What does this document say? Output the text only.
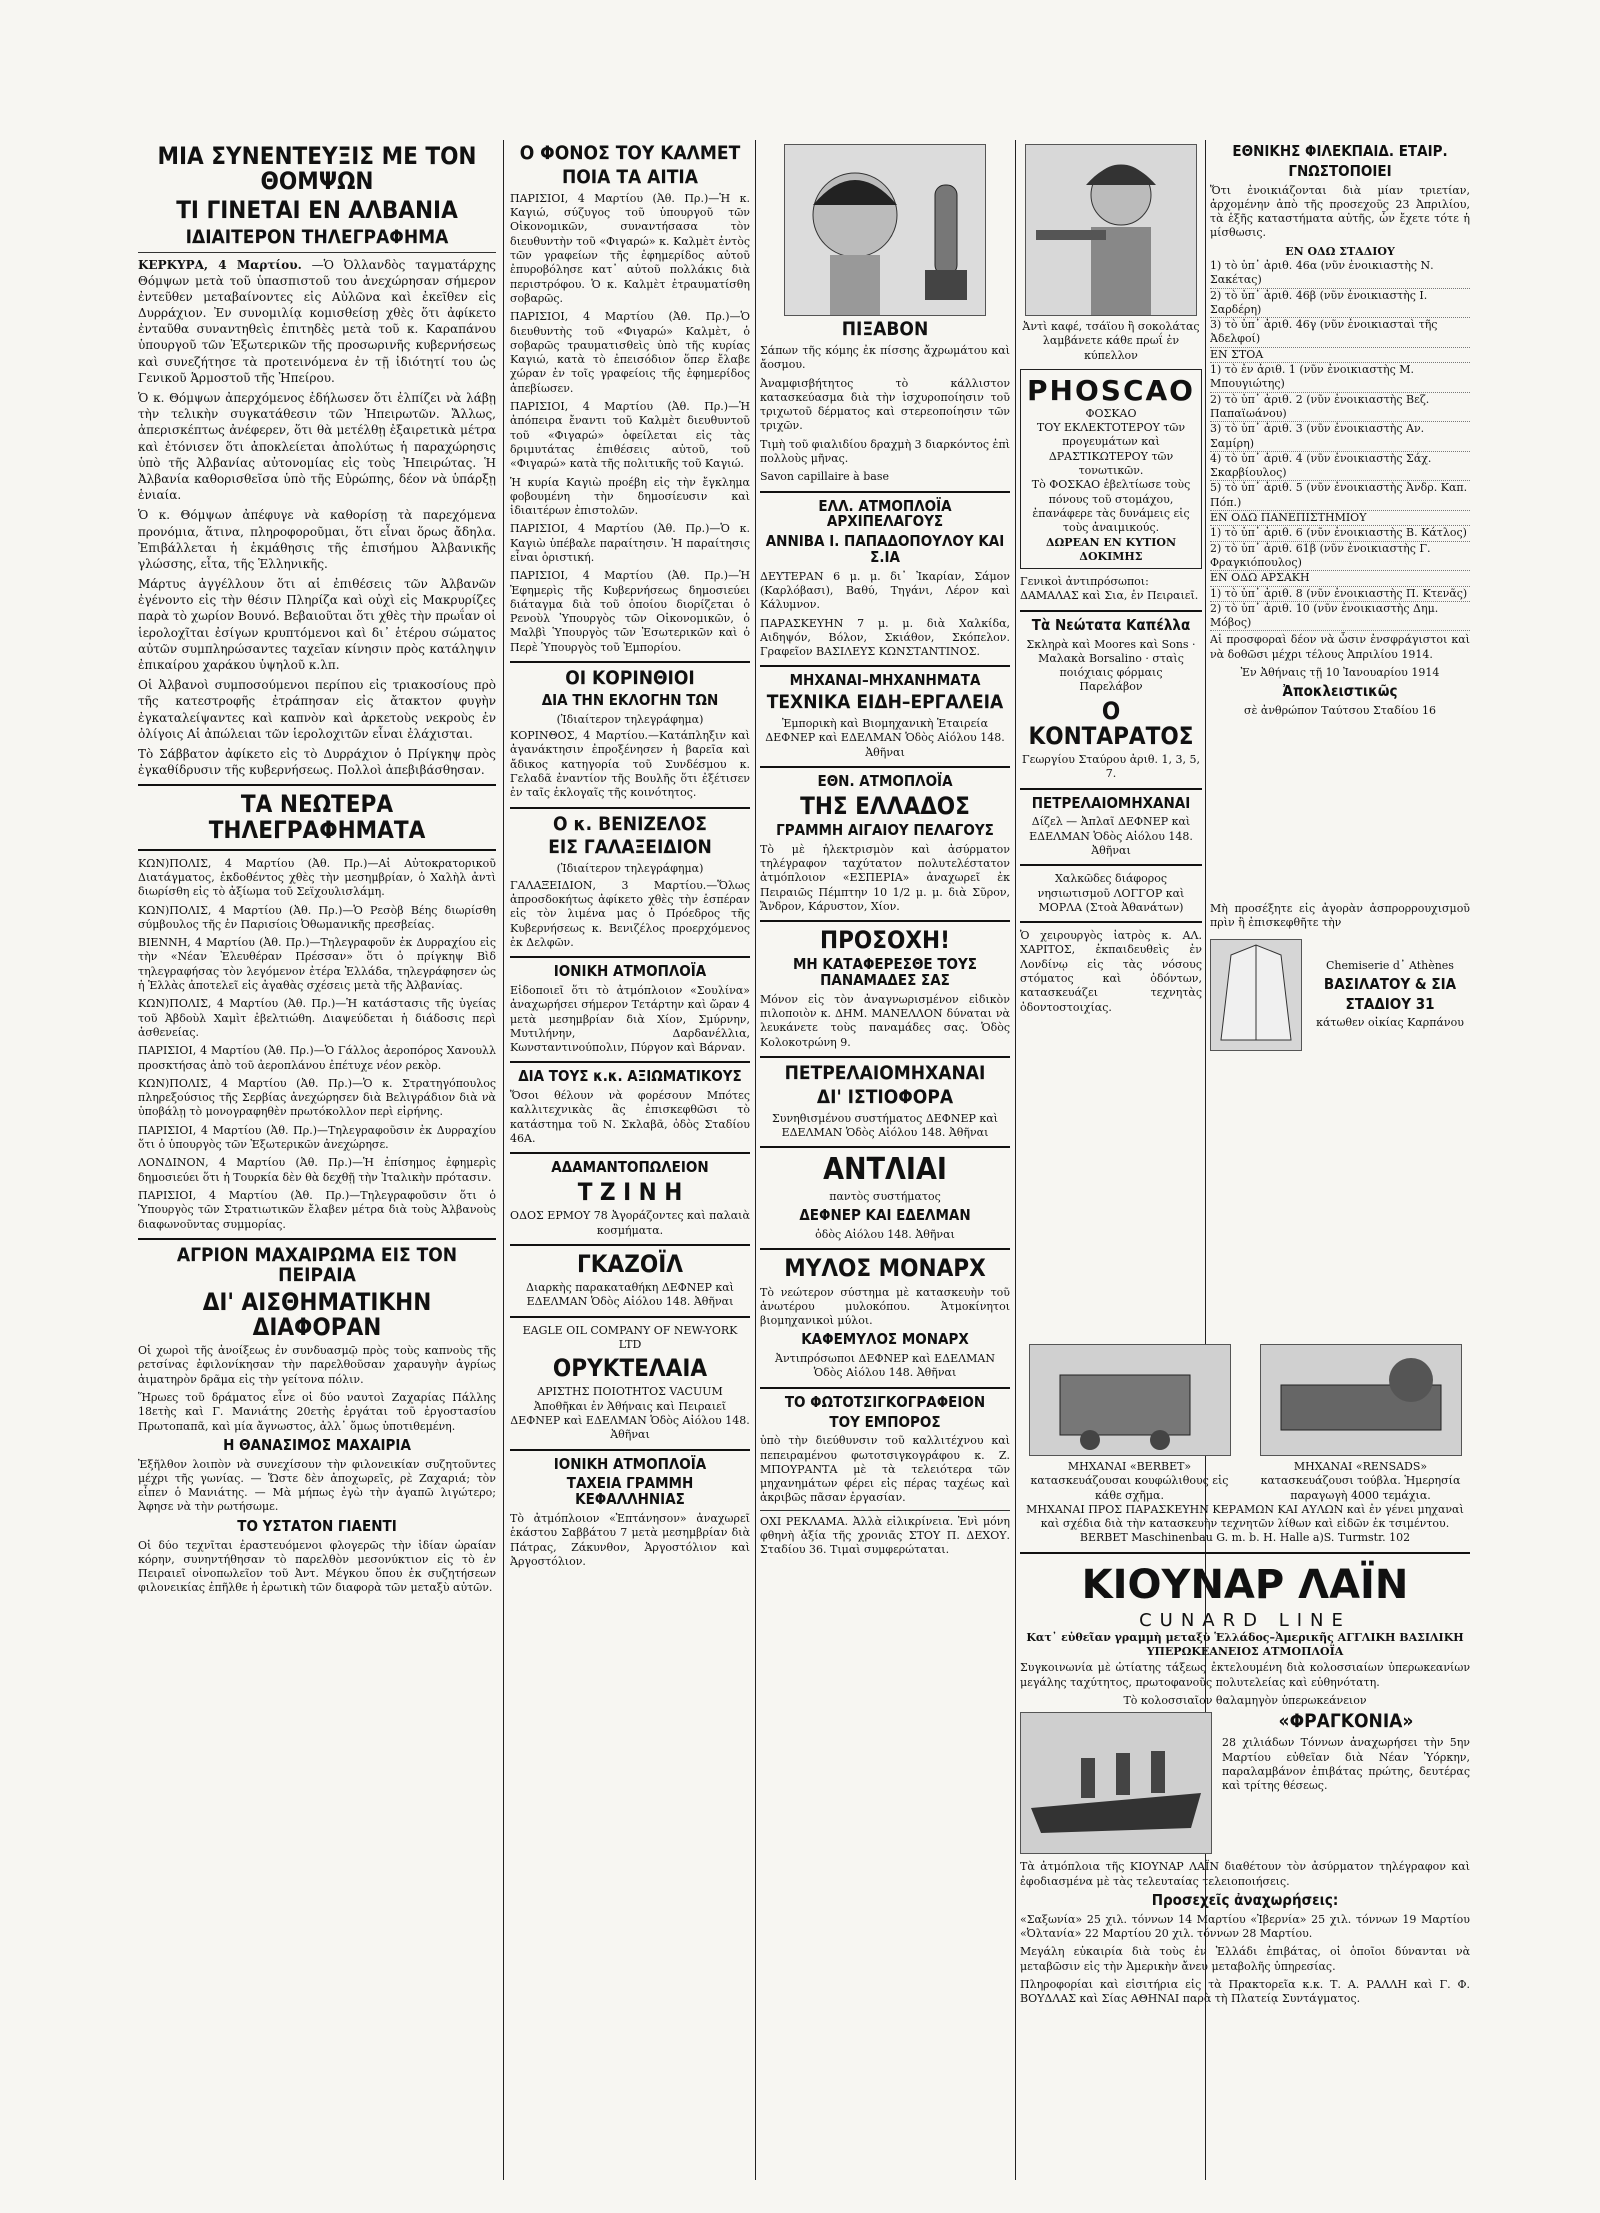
ΜΙΑ ΣΥΝΕΝΤΕΥΞΙΣ ΜΕ ΤΟΝ ΘΟΜΨΩΝ
ΤΙ ΓΙΝΕΤΑΙ ΕΝ ΑΛΒΑΝΙΑ
ΙΔΙΑΙΤΕΡΟΝ ΤΗΛΕΓΡΑΦΗΜΑ
ΚΕΡΚΥΡΑ, 4 Μαρτίου. —Ὁ Ὀλλανδὸς ταγματάρχης Θόμψων μετὰ τοῦ ὑπασπιστοῦ του ἀνεχώρησαν σήμερον ἐντεῦθεν μεταβαίνοντες εἰς Αὐλῶνα καὶ ἐκεῖθεν εἰς Δυρράχιον. Ἐν συνομιλίᾳ κομισθείσῃ χθὲς ὅτι ἀφίκετο ἐνταῦθα συναντηθεὶς ἐπιτηδὲς μετὰ τοῦ κ. Καραπάνου ὑπουργοῦ τῶν Ἐξωτερικῶν τῆς προσωρινῆς κυβερνήσεως καὶ συνεζήτησε τὰ προτεινόμενα ἐν τῇ ἰδιότητί του ὡς Γενικοῦ Ἁρμοστοῦ τῆς Ἠπείρου.
Ὁ κ. Θόμψων ἀπερχόμενος ἐδήλωσεν ὅτι ἐλπίζει νὰ λάβῃ τὴν τελικὴν συγκατάθεσιν τῶν Ἠπειρωτῶν. Ἄλλως, ἀπερισκέπτως ἀνέφερεν, ὅτι θὰ μετέλθῃ ἐξαιρετικὰ μέτρα καὶ ἐτόνισεν ὅτι ἀποκλείεται ἀπολύτως ἡ παραχώρησις ὑπὸ τῆς Ἀλβανίας αὐτονομίας εἰς τοὺς Ἠπειρώτας. Ἡ Ἀλβανία καθορισθεῖσα ὑπὸ τῆς Εὐρώπης, δέον νὰ ὑπάρξῃ ἑνιαία.
Ὁ κ. Θόμψων ἀπέφυγε νὰ καθορίσῃ τὰ παρεχόμενα προνόμια, ἅτινα, πληροφοροῦμαι, ὅτι εἶναι ὅρως ἄδηλα. Ἐπιβάλλεται ἡ ἐκμάθησις τῆς ἐπισήμου Ἀλβανικῆς γλώσσης, εἶτα, τῆς Ἑλληνικῆς.
Μάρτυς ἀγγέλλουν ὅτι αἱ ἐπιθέσεις τῶν Ἀλβανῶν ἐγένοντο εἰς τὴν θέσιν Πληρίζα καὶ οὐχὶ εἰς Μακρυρίζες παρὰ τὸ χωρίον Βουνό. Βεβαιοῦται ὅτι χθὲς τὴν πρωΐαν οἱ ἱερολοχῖται ἐσίγων κρυπτόμενοι καὶ δι᾽ ἑτέρου σώματος αὐτῶν συμπληρώσαντες ταχεῖαν κίνησιν πρὸς κατάληψιν ἐπικαίρου χαράκου ὑψηλοῦ κ.λπ.
Οἱ Ἀλβανοὶ συμποσούμενοι περίπου εἰς τριακοσίους πρὸ τῆς κατεστροφῆς ἐτράπησαν εἰς ἄτακτον φυγὴν ἐγκαταλείψαντες καὶ καπνὸν καὶ ἀρκετοὺς νεκροὺς ἐν ὀλίγοις Αἱ ἀπώλειαι τῶν ἱερολοχιτῶν εἶναι ἐλάχισται.
Τὸ Σάββατον ἀφίκετο εἰς τὸ Δυρράχιον ὁ Πρίγκηψ πρὸς ἐγκαθίδρυσιν τῆς κυβερνήσεως. Πολλοὶ ἀπεβιβάσθησαν.
ΤΑ ΝΕΩΤΕΡΑ ΤΗΛΕΓΡΑΦΗΜΑΤΑ
ΚΩΝ)ΠΟΛΙΣ, 4 Μαρτίου (Ἀθ. Πρ.)—Αἱ Αὐτοκρατορικοῦ Διατάγματος, ἐκδοθέντος χθὲς τὴν μεσημβρίαν, ὁ Χαλὴλ ἀντὶ διωρίσθη εἰς τὸ ἀξίωμα τοῦ Σεϊχουλισλάμη.
ΚΩΝ)ΠΟΛΙΣ, 4 Μαρτίου (Ἀθ. Πρ.)—Ὁ Ρεσὸβ Βέης διωρίσθη σύμβουλος τῆς ἐν Παρισίοις Ὀθωμανικῆς πρεσβείας.
ΒΙΕΝΝΗ, 4 Μαρτίου (Ἀθ. Πρ.)—Τηλεγραφοῦν ἐκ Δυρραχίου εἰς τὴν «Νέαν Ἐλευθέραν Πρέσσαν» ὅτι ὁ πρίγκηψ Βὶδ τηλεγραφήσας τὸν λεγόμενον ἐτέρα Ἑλλάδα, τηλεγράφησεν ὡς ἡ Ἑλλὰς ἀποτελεῖ εἰς ἀγαθὰς σχέσεις μετὰ τῆς Ἀλβανίας.
ΚΩΝ)ΠΟΛΙΣ, 4 Μαρτίου (Ἀθ. Πρ.)—Ἡ κατάστασις τῆς ὑγείας τοῦ Ἀβδοὺλ Χαμὶτ ἐβελτιώθη. Διαψεύδεται ἡ διάδοσις περὶ ἀσθενείας.
ΠΑΡΙΣΙΟΙ, 4 Μαρτίου (Ἀθ. Πρ.)—Ὁ Γάλλος ἀεροπόρος Χανουλλ προσκτήσας ἀπὸ τοῦ ἀεροπλάνου ἐπέτυχε νέον ρεκὸρ.
ΚΩΝ)ΠΟΛΙΣ, 4 Μαρτίου (Ἀθ. Πρ.)—Ὁ κ. Στρατηγόπουλος πληρεξούσιος τῆς Σερβίας ἀνεχώρησεν διὰ Βελιγράδιον διὰ νὰ ὑποβάλῃ τὸ μονογραφηθὲν πρωτόκολλον περὶ εἰρήνης.
ΠΑΡΙΣΙΟΙ, 4 Μαρτίου (Ἀθ. Πρ.)—Τηλεγραφοῦσιν ἐκ Δυρραχίου ὅτι ὁ ὑπουργὸς τῶν Ἐξωτερικῶν ἀνεχώρησε.
ΛΟΝΔΙΝΟΝ, 4 Μαρτίου (Ἀθ. Πρ.)—Ἡ ἐπίσημος ἐφημερὶς δημοσιεύει ὅτι ἡ Τουρκία δὲν θὰ δεχθῇ τὴν Ἰταλικὴν πρότασιν.
ΠΑΡΙΣΙΟΙ, 4 Μαρτίου (Ἀθ. Πρ.)—Τηλεγραφοῦσιν ὅτι ὁ Ὑπουργὸς τῶν Στρατιωτικῶν ἔλαβεν μέτρα διὰ τοὺς Ἀλβανοὺς διαφωνοῦντας συμμορίας.
ΑΓΡΙΟΝ ΜΑΧΑΙΡΩΜΑ ΕΙΣ ΤΟΝ ΠΕΙΡΑΙΑ
ΔΙ' ΑΙΣΘΗΜΑΤΙΚΗΝ ΔΙΑΦΟΡΑΝ
Οἱ χωροὶ τῆς ἀνοίξεως ἐν συνδυασμῷ πρὸς τοὺς καπνοὺς τῆς ρετσίνας ἐφιλονίκησαν τὴν παρελθοῦσαν χαραυγὴν ἀγρίως ἀιματηρὸν δρᾶμα εἰς τὴν γείτονα πόλιν.
Ἥρωες τοῦ δράματος εἶνε οἱ δύο ναυτοὶ Ζαχαρίας Πάλλης 18ετὴς καὶ Γ. Μανιάτης 20ετὴς ἐργάται τοῦ ἐργοστασίου Πρωτοπαπᾶ, καὶ μία ἄγνωστος, ἀλλ᾽ ὅμως ὑποτιθεμένη.
Η ΘΑΝΑΣΙΜΟΣ ΜΑΧΑΙΡΙΑ
Ἐξῆλθον λοιπὸν νὰ συνεχίσουν τὴν φιλονεικίαν συζητοῦντες μέχρι τῆς γωνίας. — Ὥστε δὲν ἀποχωρεῖς, ρὲ Ζαχαριά; τὸν εἶπεν ὁ Μανιάτης. — Μὰ μήπως ἐγὼ τὴν ἀγαπῶ λιγώτερο; Ἀφησε νὰ τὴν ρωτήσωμε.
ΤΟ ΥΣΤΑΤΟΝ ΓΙΑΕΝΤΙ
Οἱ δύο τεχνῖται ἐραστευόμενοι φλογερῶς τὴν ἰδίαν ὡραίαν κόρην, συνηντήθησαν τὸ παρελθὸν μεσονύκτιον εἰς τὸ ἐν Πειραιεῖ οἰνοπωλεῖον τοῦ Ἀντ. Μέγκου ὅπου ἐκ συζητήσεων φιλονεικίας ἐπῆλθε ἡ ἐρωτικὴ τῶν διαφορὰ τῶν μεταξὺ αὐτῶν.
Ο ΦΟΝΟΣ ΤΟΥ ΚΑΛΜΕΤ
ΠΟΙΑ ΤΑ ΑΙΤΙΑ
ΠΑΡΙΣΙΟΙ, 4 Μαρτίου (Ἀθ. Πρ.)—Ἡ κ. Καγιώ, σύζυγος τοῦ ὑπουργοῦ τῶν Οἰκονομικῶν, συναντήσασα τὸν διευθυντὴν τοῦ «Φιγαρώ» κ. Καλμὲτ ἐντὸς τῶν γραφείων τῆς ἐφημερίδος αὐτοῦ ἐπυροβόλησε κατ᾽ αὐτοῦ πολλάκις διὰ περιστρόφου. Ὁ κ. Καλμὲτ ἐτραυματίσθη σοβαρῶς.
ΠΑΡΙΣΙΟΙ, 4 Μαρτίου (Ἀθ. Πρ.)—Ὁ διευθυντὴς τοῦ «Φιγαρώ» Καλμὲτ, ὁ σοβαρῶς τραυματισθεὶς ὑπὸ τῆς κυρίας Καγιώ, κατὰ τὸ ἐπεισόδιον ὅπερ ἔλαβε χώραν ἐν τοῖς γραφείοις τῆς ἐφημερίδος ἀπεβίωσεν.
ΠΑΡΙΣΙΟΙ, 4 Μαρτίου (Ἀθ. Πρ.)—Ἡ ἀπόπειρα ἔναντι τοῦ Καλμὲτ διευθυντοῦ τοῦ «Φιγαρώ» ὀφείλεται εἰς τὰς δριμυτάτας ἐπιθέσεις αὐτοῦ, τοῦ «Φιγαρώ» κατὰ τῆς πολιτικῆς τοῦ Καγιώ.
Ἡ κυρία Καγιὼ προέβη εἰς τὴν ἔγκλημα φοβουμένη τὴν δημοσίευσιν καὶ ἰδιαιτέρων ἐπιστολῶν.
ΠΑΡΙΣΙΟΙ, 4 Μαρτίου (Ἀθ. Πρ.)—Ὁ κ. Καγιὼ ὑπέβαλε παραίτησιν. Ἡ παραίτησις εἶναι ὁριστική.
ΠΑΡΙΣΙΟΙ, 4 Μαρτίου (Ἀθ. Πρ.)—Ἡ Ἐφημερὶς τῆς Κυβερνήσεως δημοσιεύει διάταγμα διὰ τοῦ ὁποίου διορίζεται ὁ Ρενοὺλ Ὑπουργὸς τῶν Οἰκονομικῶν, ὁ Μαλβὶ Ὑπουργὸς τῶν Ἐσωτερικῶν καὶ ὁ Περὲ Ὑπουργὸς τοῦ Ἐμπορίου.
ΟΙ ΚΟΡΙΝΘΙΟΙ
ΔΙΑ ΤΗΝ ΕΚΛΟΓΗΝ ΤΩΝ
(Ἰδιαίτερον τηλεγράφημα)
ΚΟΡΙΝΘΟΣ, 4 Μαρτίου.—Κατάπληξιν καὶ ἀγανάκτησιν ἐπροξένησεν ἡ βαρεῖα καὶ ἄδικος κατηγορία τοῦ Συνδέσμου κ. Γελαδᾶ ἐναντίον τῆς Βουλῆς ὅτι ἐξέτισεν ἐν ταῖς ἐκλογαῖς τῆς κοινότητος.
Ο κ. ΒΕΝΙΖΕΛΟΣ
ΕΙΣ ΓΑΛΑΞΕΙΔΙΟΝ
(Ἰδιαίτερον τηλεγράφημα)
ΓΑΛΑΞΕΙΔΙΟΝ, 3 Μαρτίου.—Ὅλως ἀπροσδοκήτως ἀφίκετο χθὲς τὴν ἑσπέραν εἰς τὸν λιμένα μας ὁ Πρόεδρος τῆς Κυβερνήσεως κ. Βενιζέλος προερχόμενος ἐκ Δελφῶν.
ΙΟΝΙΚΗ ΑΤΜΟΠΛΟΪΑ
Εἰδοποιεῖ ὅτι τὸ ἀτμόπλοιον «Σουλίνα» ἀναχωρήσει σήμερον Τετάρτην καὶ ὥραν 4 μετὰ μεσημβρίαν διὰ Χίον, Σμύρνην, Μυτιλήνην, Δαρδανέλλια, Κωνσταντινούπολιν, Πύργον καὶ Βάρναν.
ΔΙΑ ΤΟΥΣ κ.κ. ΑΞΙΩΜΑΤΙΚΟΥΣ
Ὅσοι θέλουν νὰ φορέσουν Μπότες καλλιτεχνικὰς ἂς ἐπισκεφθῶσι τὸ κατάστημα τοῦ Ν. Σκλαβᾶ, ὁδὸς Σταδίου 46Α.
ΑΔΑΜΑΝΤΟΠΩΛΕΙΟΝ
Τ Ζ Ι Ν Η
ΟΔΟΣ ΕΡΜΟΥ 78 Ἀγοράζοντες καὶ παλαιὰ κοσμήματα.
ΓΚΑΖΟΪΛ
Διαρκὴς παρακαταθήκη ΔΕΦΝΕΡ καὶ ΕΔΕΛΜΑΝ Ὁδὸς Αἰόλου 148. Ἀθῆναι
EAGLE OIL COMPANY OF NEW-YORK LTD
ΟΡΥΚΤΕΛΑΙΑ
ΑΡΙΣΤΗΣ ΠΟΙΟΤΗΤΟΣ VACUUM Ἀποθῆκαι ἐν Ἀθήναις καὶ Πειραιεῖ ΔΕΦΝΕΡ καὶ ΕΔΕΛΜΑΝ Ὁδὸς Αἰόλου 148. Ἀθῆναι
ΙΟΝΙΚΗ ΑΤΜΟΠΛΟΪΑ
ΤΑΧΕΙΑ ΓΡΑΜΜΗ ΚΕΦΑΛΛΗΝΙΑΣ
Τὸ ἀτμόπλοιον «Ἑπτάνησον» ἀναχωρεῖ ἑκάστου Σαββάτου 7 μετὰ μεσημβρίαν διὰ Πάτρας, Ζάκυνθον, Ἀργοστόλιον καὶ Ἀργοστόλιον.
ΠΙΞΑΒΟΝ
Σάπων τῆς κόμης ἐκ πίσσης ἄχρωμάτου καὶ ἄοσμου.
Ἀναμφισβήτητος τὸ κάλλιστον κατασκεύασμα διὰ τὴν ἰσχυροποίησιν τοῦ τριχωτοῦ δέρματος καὶ στερεοποίησιν τῶν τριχῶν.
Τιμὴ τοῦ φιαλιδίου δραχμὴ 3 διαρκόντος ἐπὶ πολλοὺς μῆνας.
Savon capillaire à base
ΕΛΛ. ΑΤΜΟΠΛΟΪΑ ΑΡΧΙΠΕΛΑΓΟΥΣ
ΑΝΝΙΒΑ Ι. ΠΑΠΑΔΟΠΟΥΛΟΥ ΚΑΙ Σ.ΙΑ
ΔΕΥΤΕΡΑΝ 6 μ. μ. δι᾽ Ἰκαρίαν, Σάμον (Καρλόβασι), Βαθύ, Τηγάνι, Λέρον καὶ Κάλυμνον.
ΠΑΡΑΣΚΕΥΗΝ 7 μ. μ. διὰ Χαλκίδα, Αιδηψόν, Βόλον, Σκιάθον, Σκόπελον. Γραφεῖον ΒΑΣΙΛΕΥΣ ΚΩΝΣΤΑΝΤΙΝΟΣ.
ΜΗΧΑΝΑΙ–ΜΗΧΑΝΗΜΑΤΑ
ΤΕΧΝΙΚΑ ΕΙΔΗ–ΕΡΓΑΛΕΙΑ
Ἐμπορικὴ καὶ Βιομηχανικὴ Ἑταιρεία ΔΕΦΝΕΡ καὶ ΕΔΕΛΜΑΝ Ὁδὸς Αἰόλου 148. Ἀθῆναι
ΕΘΝ. ΑΤΜΟΠΛΟΪΑ
ΤΗΣ ΕΛΛΑΔΟΣ
ΓΡΑΜΜΗ ΑΙΓΑΙΟΥ ΠΕΛΑΓΟΥΣ
Τὸ μὲ ἠλεκτρισμὸν καὶ ἀσύρματον τηλέγραφον ταχύτατον πολυτελέστατον ἀτμόπλοιον «ΕΣΠΕΡΙΑ» ἀναχωρεῖ ἐκ Πειραιῶς Πέμπτην 10 1/2 μ. μ. διὰ Σῦρον, Ἄνδρον, Κάρυστον, Χίον.
ΠΡΟΣΟΧΗ!
ΜΗ ΚΑΤΑΦΕΡΕΣΘΕ ΤΟΥΣ ΠΑΝΑΜΑΔΕΣ ΣΑΣ
Μόνον εἰς τὸν ἀναγνωρισμένον εἰδικὸν πιλοποιὸν κ. ΔΗΜ. ΜΑΝΕΛΛΟΝ δύναται νὰ λευκάνετε τοὺς παναμάδες σας. Ὁδὸς Κολοκοτρώνη 9.
ΠΕΤΡΕΛΑΙΟΜΗΧΑΝΑΙ
ΔΙ' ΙΣΤΙΟΦΟΡΑ
Συνηθισμένου συστήματος ΔΕΦΝΕΡ καὶ ΕΔΕΛΜΑΝ Ὁδὸς Αἰόλου 148. Ἀθῆναι
ΑΝΤΛΙΑΙ
παντὸς συστήματος
ΔΕΦΝΕΡ ΚΑΙ ΕΔΕΛΜΑΝ
ὁδὸς Αἰόλου 148. Ἀθῆναι
ΜΥΛΟΣ ΜΟΝΑΡΧ
Τὸ νεώτερον σύστημα μὲ κατασκευὴν τοῦ ἀνωτέρου μυλοκόπου. Ἀτμοκίνητοι βιομηχανικοὶ μύλοι.
ΚΑΦΕΜΥΛΟΣ ΜΟΝΑΡΧ
Ἀντιπρόσωποι ΔΕΦΝΕΡ καὶ ΕΔΕΛΜΑΝ Ὁδὸς Αἰόλου 148. Ἀθῆναι
ΤΟ ΦΩΤΟΤΣΙΓΚΟΓΡΑΦΕΙΟΝ
ΤΟΥ ΕΜΠΟΡΟΣ
ὑπὸ τὴν διεύθυνσιν τοῦ καλλιτέχνου καὶ πεπειραμένου φωτοτσιγκογράφου κ. Ζ. ΜΠΟΥΡΑΝΤΑ μὲ τὰ τελειότερα τῶν μηχανημάτων φέρει εἰς πέρας ταχέως καὶ ἀκριβῶς πᾶσαν ἐργασίαν.
ΟΧΙ ΡΕΚΛΑΜΑ. Ἀλλὰ εἰλικρίνεια. Ἐνὶ μόνη φθηνὴ ἀξία τῆς χρονιᾶς ΣΤΟΥ Π. ΔΕΧΟΥ. Σταδίου 36. Τιμαὶ συμφερώταται.
Ἀντὶ καφέ, τσάϊου ἢ σοκολάτας λαμβάνετε κάθε πρωΐ ἐν κύπελλον
PHOSCAO
ΦΟΣΚΑΟ
ΤΟΥ ΕΚΛΕΚΤΟΤΕΡΟΥ τῶν προγευμάτων καὶ ΔΡΑΣΤΙΚΩΤΕΡΟΥ τῶν τονωτικῶν.
Τὸ ΦΟΣΚΑΟ ἐβελτίωσε τοὺς πόνους τοῦ στομάχου, ἐπανάφερε τὰς δυνάμεις εἰς τοὺς ἀναιμικούς.
ΔΩΡΕΑΝ ΕΝ ΚΥΤΙΟΝ ΔΟΚΙΜΗΣ
Γενικοὶ ἀντιπρόσωποι: ΔΑΜΑΛΑΣ καὶ Σια, ἐν Πειραιεῖ.
Τὰ Νεώτατα Καπέλλα
Σκληρὰ καὶ Moores καὶ Sons · Μαλακὰ Borsalino · σταὶς ποιόχιαις φόρμαις
Παρελάβον
Ο ΚΟΝΤΑΡΑΤΟΣ
Γεωργίου Σταύρου ἀριθ. 1, 3, 5, 7.
ΠΕΤΡΕΛΑΙΟΜΗΧΑΝΑΙ
Δίζελ — Ἀπλαῖ ΔΕΦΝΕΡ καὶ ΕΔΕΛΜΑΝ Ὁδὸς Αἰόλου 148. Ἀθῆναι
Χαλκῶδες διάφορος νησιωτισμοῦ ΛΟΓΓΟΡ καὶ ΜΟΡΛΑ (Στοὰ Ἀθανάτων)
Ὁ χειρουργὸς ἰατρὸς κ. ΑΛ. ΧΑΡΙΤΟΣ, ἐκπαιδευθεὶς ἐν Λονδίνῳ εἰς τὰς νόσους στόματος καὶ ὀδόντων, κατασκευάζει τεχνητὰς ὀδοντοστοιχίας.
ΕΘΝΙΚΗΣ ΦΙΛΕΚΠΑΙΔ. ΕΤΑΙΡ.
ΓΝΩΣΤΟΠΟΙΕΙ
Ὅτι ἐνοικιάζονται διὰ μίαν τριετίαν, ἀρχομένην ἀπὸ τῆς προσεχοῦς 23 Ἀπριλίου, τὰ ἑξῆς καταστήματα αὐτῆς, ὧν ἔχετε τότε ἡ μίσθωσις.
ΕΝ ΟΔΩ ΣΤΑΔΙΟΥ
1) τὸ ὑπ᾽ ἀριθ. 46α (νῦν ἐνοικιαστὴς Ν. Σακέτας)
2) τὸ ὑπ᾽ ἀριθ. 46β (νῦν ἐνοικιαστὴς Ι. Σαρδέρη)
3) τὸ ὑπ᾽ ἀριθ. 46γ (νῦν ἐνοικιασταὶ τῆς Ἀδελφοί)
ΕΝ ΣΤΟΑ
1) τὸ ἐν ἀριθ. 1 (νῦν ἐνοικιαστὴς Μ. Μπουγιώτης)
2) τὸ ὑπ᾽ ἀριθ. 2 (νῦν ἐνοικιαστὴς Βεζ. Παπαϊωάνου)
3) τὸ ὑπ᾽ ἀριθ. 3 (νῦν ἐνοικιαστὴς Αν. Σαμίρη)
4) τὸ ὑπ᾽ ἀριθ. 4 (νῦν ἐνοικιαστὴς Σάχ. Σκαρβίουλος)
5) τὸ ὑπ᾽ ἀριθ. 5 (νῦν ἐνοικιαστὴς Ἀνδρ. Καπ. Πόπ.)
ΕΝ ΟΔΩ ΠΑΝΕΠΙΣΤΗΜΙΟΥ
1) τὸ ὑπ᾽ ἀριθ. 6 (νῦν ἐνοικιαστὴς Β. Κάτλος)
2) τὸ ὑπ᾽ ἀριθ. 61β (νῦν ἐνοικιαστὴς Γ. Φραγκιόπουλος)
ΕΝ ΟΔΩ ΑΡΣΑΚΗ
1) τὸ ὑπ᾽ ἀριθ. 8 (νῦν ἐνοικιαστὴς Π. Κτενᾶς)
2) τὸ ὑπ᾽ ἀριθ. 10 (νῦν ἐνοικιαστὴς Δημ. Μόβος)
Αἱ προσφοραὶ δέον νὰ ὦσιν ἐνσφράγιστοι καὶ νὰ δοθῶσι μέχρι τέλους Ἀπριλίου 1914.
Ἐν Ἀθήναις τῇ 10 Ἰανουαρίου 1914
Ἀποκλειστικῶς
σὲ ἀνθρώπον Ταύτσου Σταδίου 16
Μὴ προσέξητε εἰς ἀγορὰν ἀσπρορρουχισμοῦ πρὶν ἢ ἐπισκεφθῆτε τὴν
Chemiserie d᾽ Athènes
ΒΑΣΙΛΑΤΟΥ & ΣΙΑ
ΣΤΑΔΙΟΥ 31
κάτωθεν οἰκίας Καρπάνου
ΜΗΧΑΝΑΙ «BERBET» κατασκευάζουσαι κουφώλιθους εἰς κάθε σχῆμα.
ΜΗΧΑΝΑΙ «RENSADS» κατασκευάζουσι τούβλα. Ἡμερησία παραγωγὴ 4000 τεμάχια.
ΜΗΧΑΝΑΙ ΠΡΟΣ ΠΑΡΑΣΚΕΥΗΝ ΚΕΡΑΜΩΝ ΚΑΙ ΑΥΛΩΝ καὶ ἐν γένει μηχαναὶ καὶ σχέδια διὰ τὴν κατασκευὴν τεχνητῶν λίθων καὶ εἰδῶν ἐκ τσιμέντου.
BERBET Maschinenbau G. m. b. H. Halle a)S. Turmstr. 102
ΚΙΟΥΝΑΡ ΛΑΪΝ
CUNARD LINE
Κατ᾽ εὐθεῖαν γραμμὴ μεταξὺ Ἑλλάδος–Ἀμερικῆς ΑΓΓΛΙΚΗ ΒΑΣΙΛΙΚΗ ΥΠΕΡΩΚΕΑΝΕΙΟΣ ΑΤΜΟΠΛΟΪΑ
Συγκοινωνία μὲ ὡτίατης τάξεως ἐκτελουμένη διὰ κολοσσιαίων ὑπερωκεανίων μεγάλης ταχύτητος, πρωτοφανοῦς πολυτελείας καὶ εὐθηνότατη.
Τὸ κολοσσιαῖον θαλαμηγὸν ὑπερωκεάνειον
«ΦΡΑΓΚΟΝΙΑ»
28 χιλιάδων Τόννων ἀναχωρήσει τὴν 5ην Μαρτίου εὐθεῖαν διὰ Νέαν Ὑόρκην, παραλαμβάνον ἐπιβάτας πρώτης, δευτέρας καὶ τρίτης θέσεως.
Τὰ ἀτμόπλοια τῆς ΚΙΟΥΝΑΡ ΛΑΪΝ διαθέτουν τὸν ἀσύρματον τηλέγραφον καὶ ἐφοδιασμένα μὲ τὰς τελευταίας τελειοποιήσεις.
Προσεχεῖς ἀναχωρήσεις:
«Σαξωνία» 25 χιλ. τόννων 14 Μαρτίου «Ἰβερνία» 25 χιλ. τόννων 19 Μαρτίου «Ὀλτανία» 22 Μαρτίου 20 χιλ. τόννων 28 Μαρτίου.
Μεγάλη εὐκαιρία διὰ τοὺς ἐν Ἑλλάδι ἐπιβάτας, οἱ ὁποῖοι δύνανται νὰ μεταβῶσιν εἰς τὴν Ἀμερικὴν ἄνευ μεταβολῆς ὑπηρεσίας.
Πληροφορίαι καὶ εἰσιτήρια εἰς τὰ Πρακτορεῖα κ.κ. Τ. Α. ΡΑΛΛΗ καὶ Γ. Φ. ΒΟΥΔΛΑΣ καὶ Σίας ΑΘΗΝΑΙ παρὰ τὴ Πλατείᾳ Συντάγματος.
